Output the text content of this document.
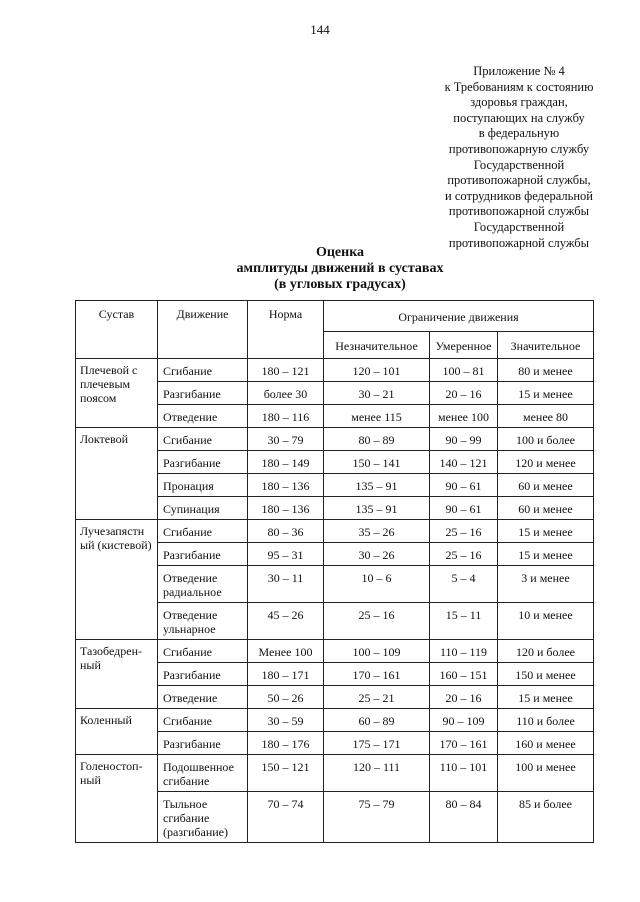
144
Приложение № 4
к Требованиям к состоянию
здоровья граждан,
поступающих на службу
в федеральную
противопожарную службу
Государственной
противопожарной службы,
и сотрудников федеральной
противопожарной службы
Государственной
противопожарной службы
Оценка
амплитуды движений в суставах
(в угловых градусах)
Сустав	Движение	Норма	Ограничение движения		
			Незначительное	Умеренное	Значительное
Плечевой с плечевым поясом	Сгибание	180 – 121	120 – 101	100 – 81	80 и менее
	Разгибание	более 30	30 – 21	20 – 16	15 и менее
	Отведение	180 – 116	менее 115	менее 100	менее 80
Локтевой	Сгибание	30 – 79	80 – 89	90 – 99	100 и более
	Разгибание	180 – 149	150 – 141	140 – 121	120 и менее
	Пронация	180 – 136	135 – 91	90 – 61	60 и менее
	Супинация	180 – 136	135 – 91	90 – 61	60 и менее
Лучезапястн ый (кистевой)	Сгибание	80 – 36	35 – 26	25 – 16	15 и менее
	Разгибание	95 – 31	30 – 26	25 – 16	15 и менее
	Отведение радиальное	30 – 11	10 – 6	5 – 4	3 и менее
	Отведение ульнарное	45 – 26	25 – 16	15 – 11	10 и менее
Тазобедрен-ный	Сгибание	Менее 100	100 – 109	110 – 119	120 и более
	Разгибание	180 – 171	170 – 161	160 – 151	150 и менее
	Отведение	50 – 26	25 – 21	20 – 16	15 и менее
Коленный	Сгибание	30 – 59	60 – 89	90 – 109	110 и более
	Разгибание	180 – 176	175 – 171	170 – 161	160 и менее
Голеностоп-ный	Подошвенное сгибание	150 – 121	120 – 111	110 – 101	100 и менее
	Тыльное сгибание (разгибание)	70 – 74	75 – 79	80 – 84	85 и более
